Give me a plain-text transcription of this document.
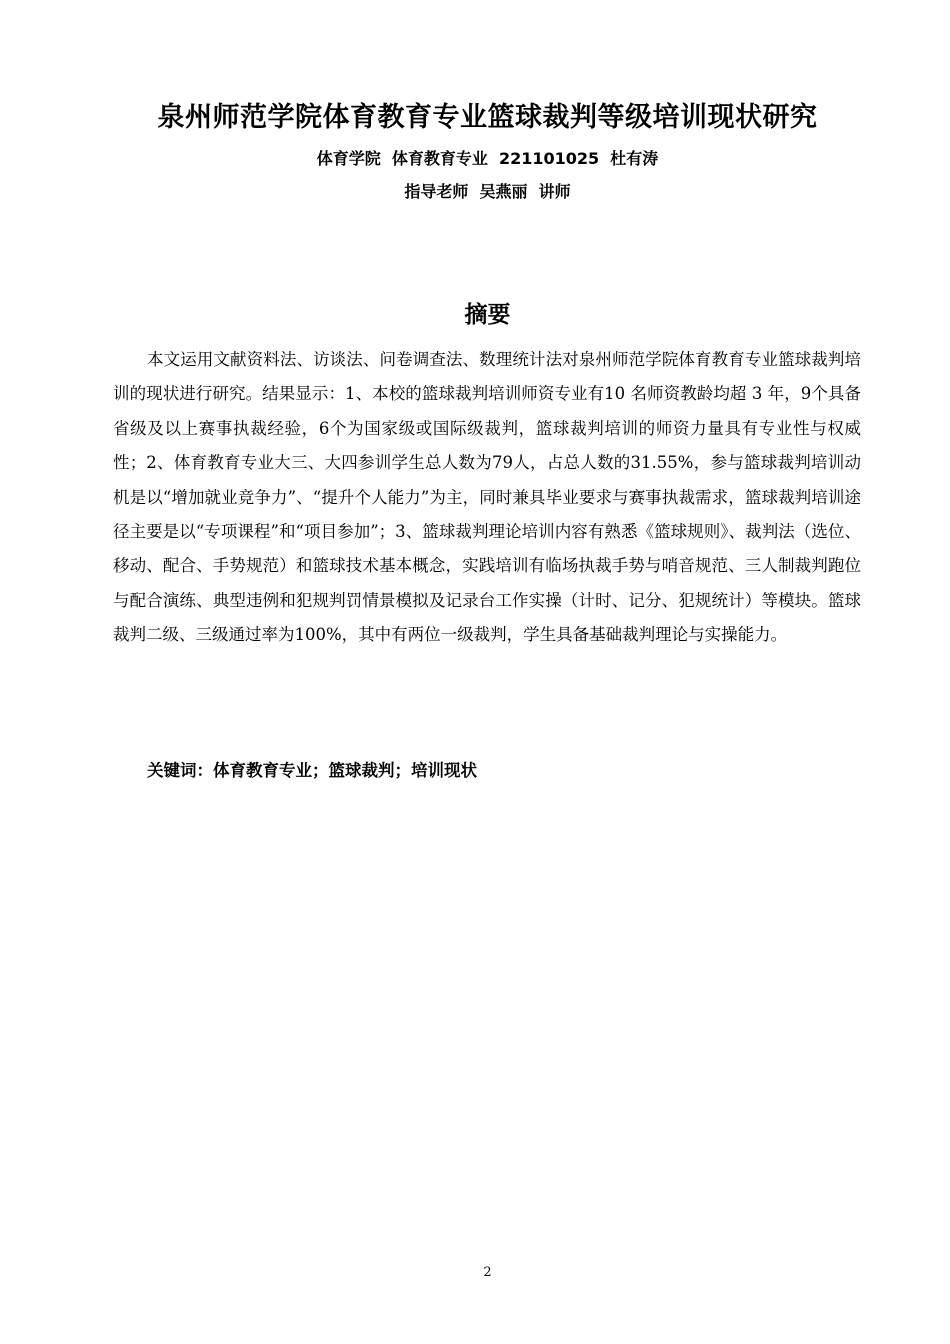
泉州师范学院体育教育专业篮球裁判等级培训现状研究
体育学院  体育教育专业  221101025  杜有涛
指导老师  吴燕丽  讲师
摘要

本文运用文献资料法、访谈法、问卷调查法、数理统计法对泉州师范学院体育教育专业篮球裁判培训的现状进行研究。结果显示：1、本校的篮球裁判培训师资专业有10 名师资教龄均超 3 年，9个具备省级及以上赛事执裁经验，6个为国家级或国际级裁判，篮球裁判培训的师资力量具有专业性与权威性；2、体育教育专业大三、大四参训学生总人数为79人，占总人数的31.55%，参与篮球裁判培训动机是以“增加就业竞争力”、“提升个人能力”为主，同时兼具毕业要求与赛事执裁需求，篮球裁判培训途径主要是以“专项课程”和“项目参加”；3、篮球裁判理论培训内容有熟悉《篮球规则》、裁判法（选位、移动、配合、手势规范）和篮球技术基本概念，实践培训有临场执裁手势与哨音规范、三人制裁判跑位与配合演练、典型违例和犯规判罚情景模拟及记录台工作实操（计时、记分、犯规统计）等模块。篮球裁判二级、三级通过率为100%，其中有两位一级裁判，学生具备基础裁判理论与实操能力。

关键词：体育教育专业；篮球裁判；培训现状
2
